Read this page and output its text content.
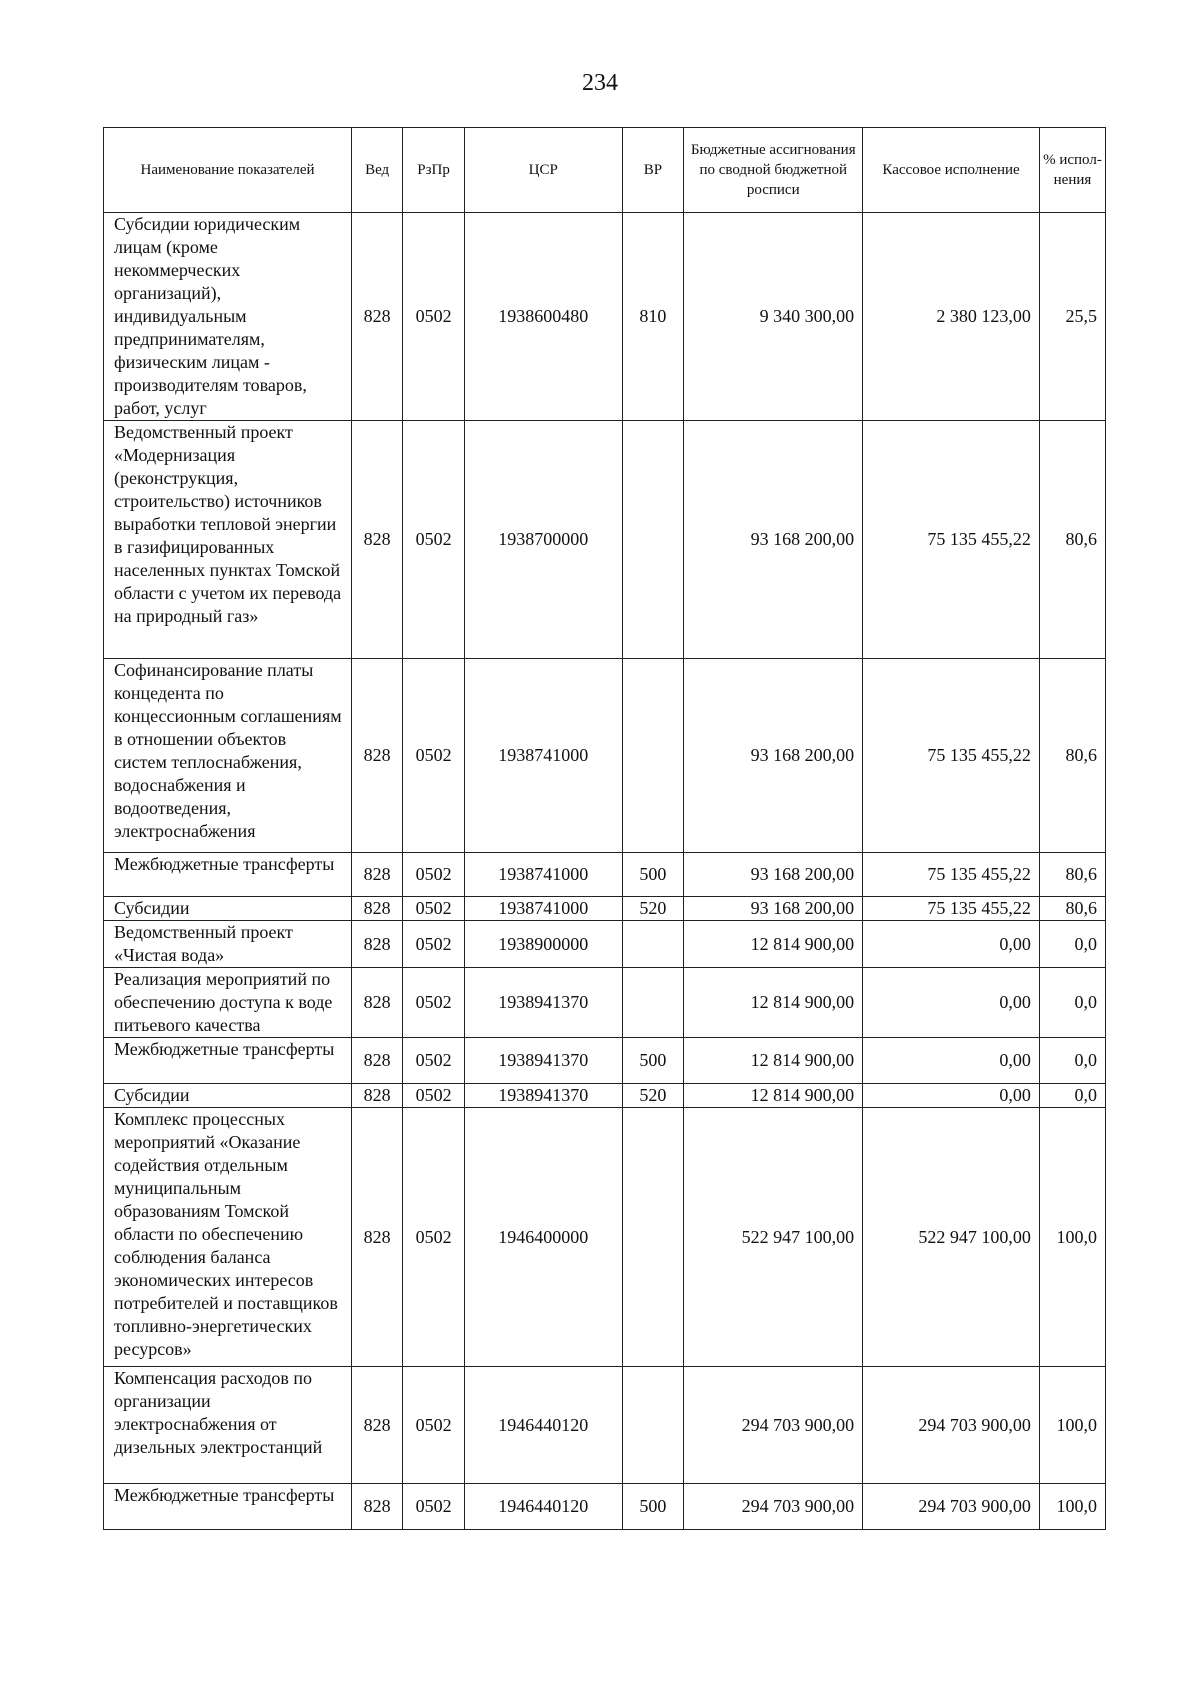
234
Наименование показателей	Вед	РзПр	ЦСР	ВР	Бюджетные ассигнования по сводной бюджетной росписи	Кассовое исполнение	% испол-нения
Субсидии юридическим лицам (кроме некоммерческих организаций), индивидуальным предпринимателям, физическим лицам - производителям товаров, работ, услуг	828	0502	1938600480	810	9 340 300,00	2 380 123,00	25,5
Ведомственный проект «Модернизация (реконструкция, строительство) источников выработки тепловой энергии в газифицированных населенных пунктах Томской области с учетом их перевода на природный газ»	828	0502	1938700000		93 168 200,00	75 135 455,22	80,6
Софинансирование платы концедента по концессионным соглашениям в отношении объектов систем теплоснабжения, водоснабжения и водоотведения, электроснабжения	828	0502	1938741000		93 168 200,00	75 135 455,22	80,6
Межбюджетные трансферты	828	0502	1938741000	500	93 168 200,00	75 135 455,22	80,6
Субсидии	828	0502	1938741000	520	93 168 200,00	75 135 455,22	80,6
Ведомственный проект «Чистая вода»	828	0502	1938900000		12 814 900,00	0,00	0,0
Реализация мероприятий по обеспечению доступа к воде питьевого качества	828	0502	1938941370		12 814 900,00	0,00	0,0
Межбюджетные трансферты	828	0502	1938941370	500	12 814 900,00	0,00	0,0
Субсидии	828	0502	1938941370	520	12 814 900,00	0,00	0,0
Комплекс процессных мероприятий «Оказание содействия отдельным муниципальным образованиям Томской области по обеспечению соблюдения баланса экономических интересов потребителей и поставщиков топливно-энергетических ресурсов»	828	0502	1946400000		522 947 100,00	522 947 100,00	100,0
Компенсация расходов по организации электроснабжения от дизельных электростанций	828	0502	1946440120		294 703 900,00	294 703 900,00	100,0
Межбюджетные трансферты	828	0502	1946440120	500	294 703 900,00	294 703 900,00	100,0
